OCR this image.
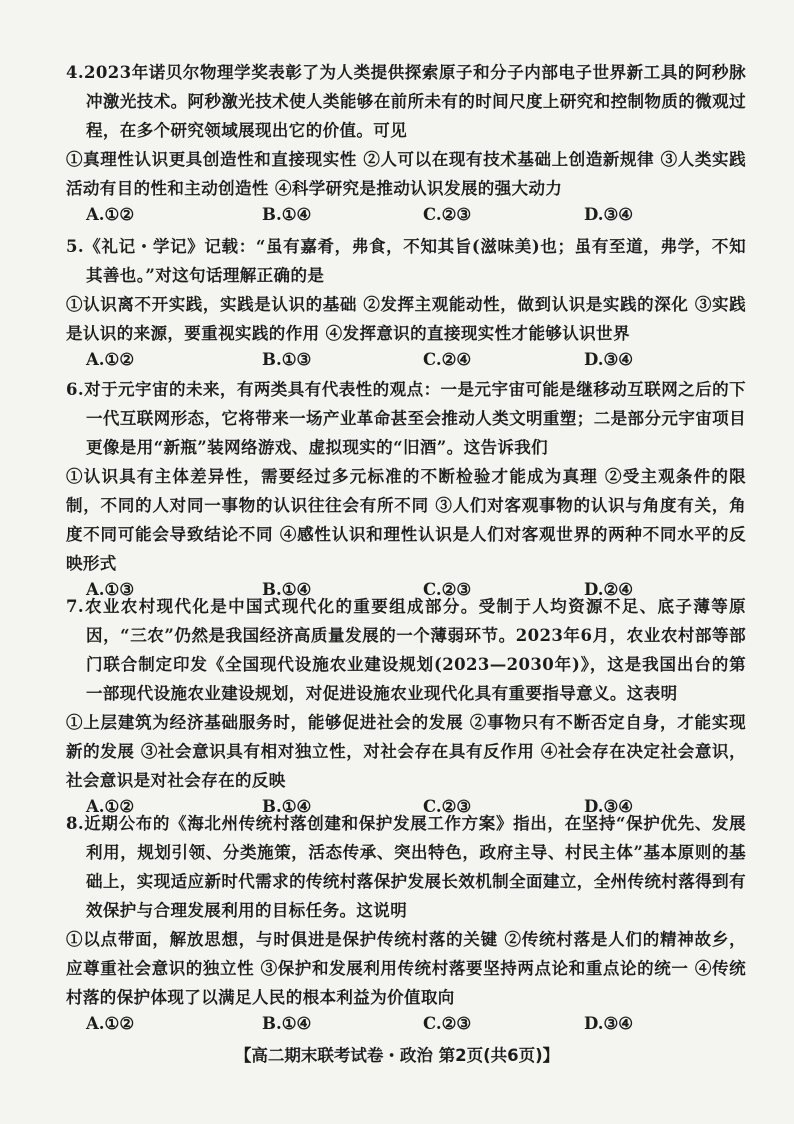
4.2023年诺贝尔物理学奖表彰了为人类提供探索原子和分子内部电子世界新工具的阿秒脉冲激光技术。阿秒激光技术使人类能够在前所未有的时间尺度上研究和控制物质的微观过程，在多个研究领域展现出它的价值。可见

①真理性认识更具创造性和直接现实性 ②人可以在现有技术基础上创造新规律 ③人类实践活动有目的性和主动创造性 ④科学研究是推动认识发展的强大动力

A.①②	B.①④	C.②③	D.③④

5.《礼记・学记》记载：“虽有嘉肴，弗食，不知其旨(滋味美)也；虽有至道，弗学，不知其善也。”对这句话理解正确的是

①认识离不开实践，实践是认识的基础 ②发挥主观能动性，做到认识是实践的深化 ③实践是认识的来源，要重视实践的作用 ④发挥意识的直接现实性才能够认识世界

A.①②	B.①③	C.②④	D.③④

6.对于元宇宙的未来，有两类具有代表性的观点：一是元宇宙可能是继移动互联网之后的下一代互联网形态，它将带来一场产业革命甚至会推动人类文明重塑；二是部分元宇宙项目更像是用“新瓶”装网络游戏、虚拟现实的“旧酒”。这告诉我们

①认识具有主体差异性，需要经过多元标准的不断检验才能成为真理 ②受主观条件的限制，不同的人对同一事物的认识往往会有所不同 ③人们对客观事物的认识与角度有关，角度不同可能会导致结论不同 ④感性认识和理性认识是人们对客观世界的两种不同水平的反映形式

A.①③	B.①④	C.②③	D.②④

7.农业农村现代化是中国式现代化的重要组成部分。受制于人均资源不足、底子薄等原因，“三农”仍然是我国经济高质量发展的一个薄弱环节。2023年6月，农业农村部等部门联合制定印发《全国现代设施农业建设规划(2023—2030年)》，这是我国出台的第一部现代设施农业建设规划，对促进设施农业现代化具有重要指导意义。这表明

①上层建筑为经济基础服务时，能够促进社会的发展 ②事物只有不断否定自身，才能实现新的发展 ③社会意识具有相对独立性，对社会存在具有反作用 ④社会存在决定社会意识，社会意识是对社会存在的反映

A.①②	B.①④	C.②③	D.③④

8.近期公布的《海北州传统村落创建和保护发展工作方案》指出，在坚持“保护优先、发展利用，规划引领、分类施策，活态传承、突出特色，政府主导、村民主体”基本原则的基础上，实现适应新时代需求的传统村落保护发展长效机制全面建立，全州传统村落得到有效保护与合理发展利用的目标任务。这说明

①以点带面，解放思想，与时俱进是保护传统村落的关键 ②传统村落是人们的精神故乡，应尊重社会意识的独立性 ③保护和发展利用传统村落要坚持两点论和重点论的统一 ④传统村落的保护体现了以满足人民的根本利益为价值取向

A.①②	B.①④	C.②③	D.③④
【高二期末联考试卷・政治 第2页(共6页)】
